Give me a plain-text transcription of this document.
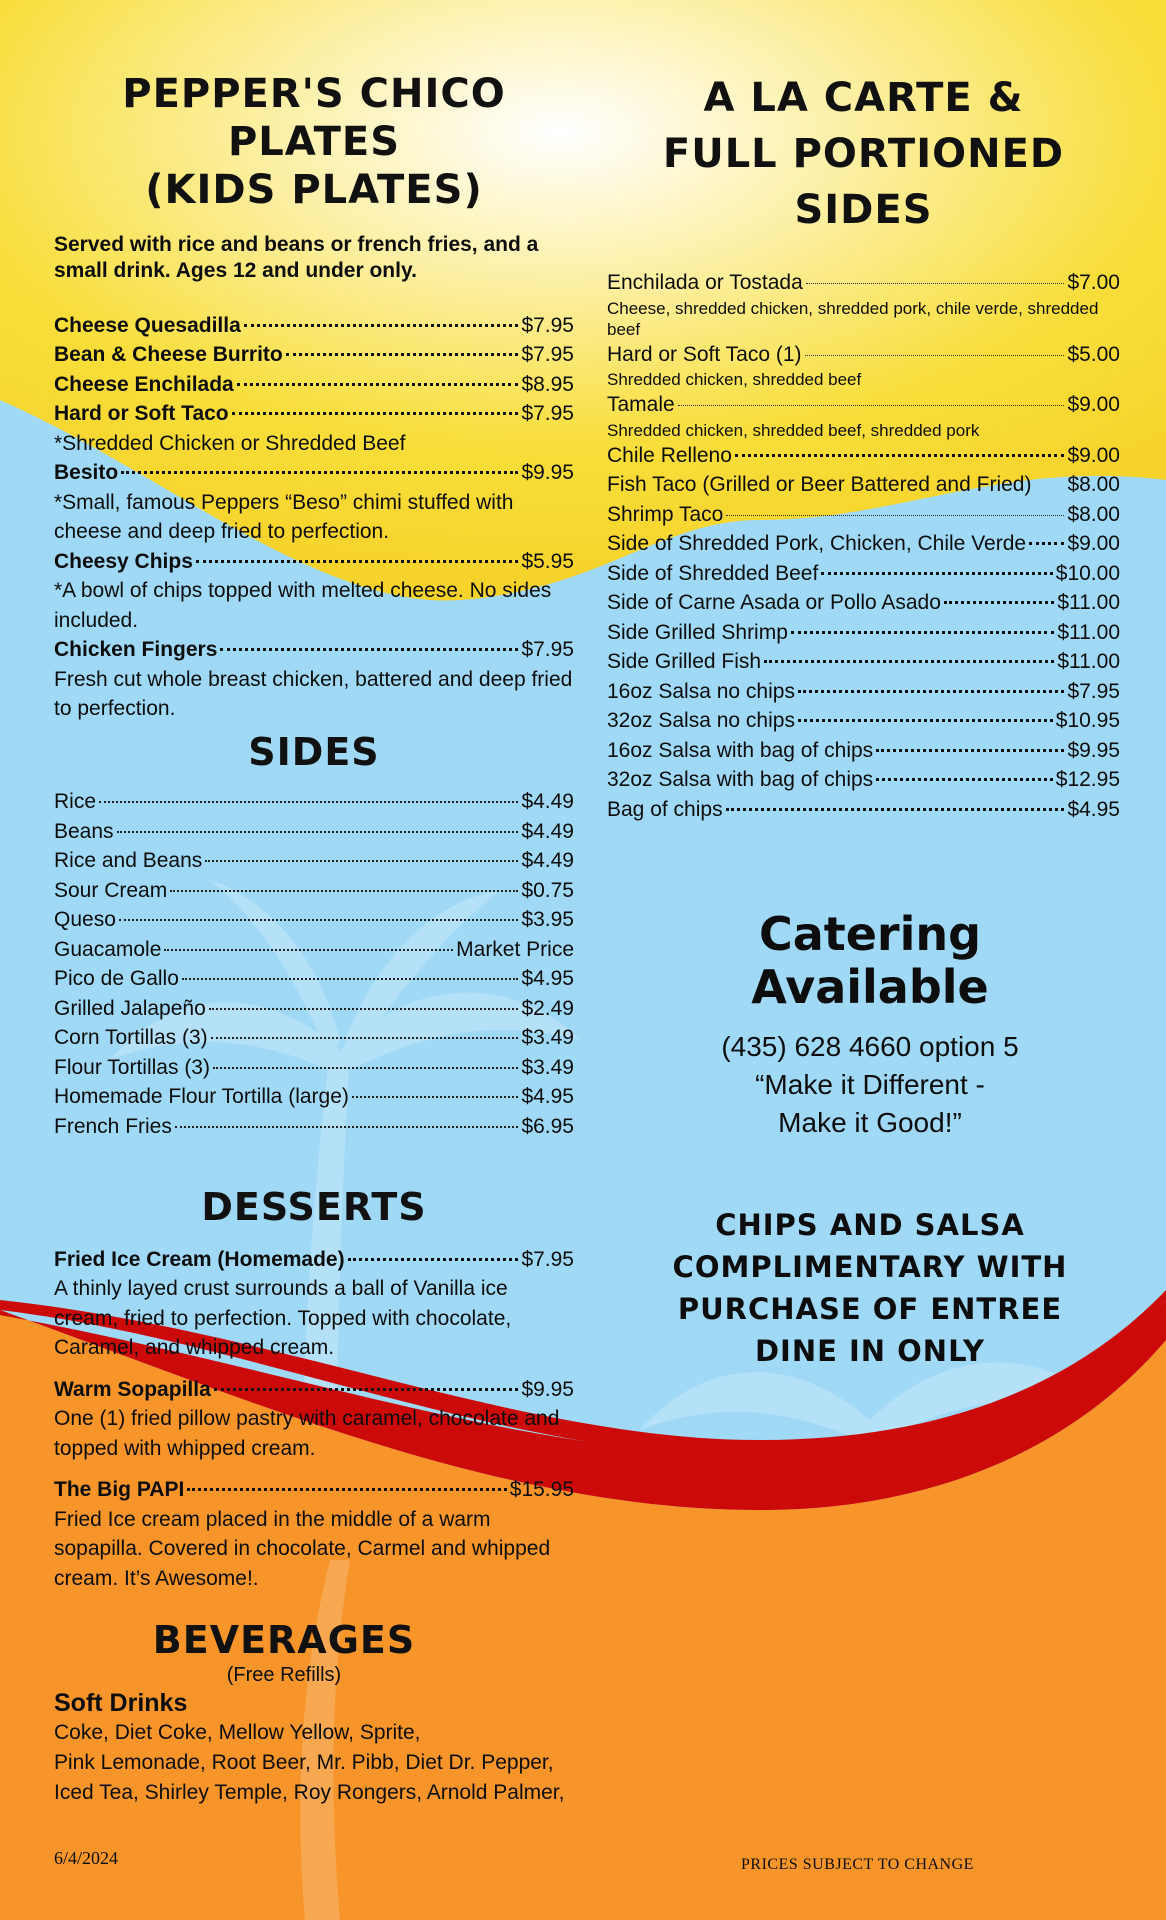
PEPPER'S CHICO PLATES
(KIDS PLATES)
Served with rice and beans or french fries, and a small drink. Ages 12 and under only.
Cheese Quesadilla	$7.95
Bean & Cheese Burrito	$7.95
Cheese Enchilada	$8.95
Hard or Soft Taco	$7.95
*Shredded Chicken or Shredded Beef
Besito	$9.95
*Small, famous Peppers “Beso” chimi stuffed with cheese and deep fried to perfection.
Cheesy Chips	$5.95
*A bowl of chips topped with melted cheese. No sides included.
Chicken Fingers	$7.95
Fresh cut whole breast chicken, battered and deep fried to perfection.
SIDES
Rice	$4.49
Beans	$4.49
Rice and Beans	$4.49
Sour Cream	$0.75
Queso	$3.95
Guacamole	Market Price
Pico de Gallo	$4.95
Grilled Jalapeño	$2.49
Corn Tortillas (3)	$3.49
Flour Tortillas (3)	$3.49
Homemade Flour Tortilla (large)	$4.95
French Fries	$6.95
DESSERTS
Fried Ice Cream (Homemade)	$7.95
A thinly layed crust surrounds a ball of Vanilla ice cream, fried to perfection. Topped with chocolate, Caramel, and whipped cream.
Warm Sopapilla	$9.95
One (1) fried pillow pastry with caramel, chocolate and topped with whipped cream.
The Big PAPI	$15.95
Fried Ice cream placed in the middle of a warm sopapilla. Covered in chocolate, Carmel and whipped cream. It’s Awesome!.
A LA CARTE &
FULL PORTIONED SIDES
Enchilada or Tostada	$7.00
Cheese, shredded chicken, shredded pork, chile verde, shredded beef
Hard or Soft Taco (1)	$5.00
Shredded chicken, shredded beef
Tamale	$9.00
Shredded chicken, shredded beef, shredded pork
Chile Relleno	$9.00
Fish Taco (Grilled or Beer Battered and Fried) $8.00
Shrimp Taco	$8.00
Side of Shredded Pork, Chicken, Chile Verde $9.00
Side of Shredded Beef	$10.00
Side of Carne Asada or Pollo Asado	$11.00
Side Grilled Shrimp	$11.00
Side Grilled Fish	$11.00
16oz Salsa no chips	$7.95
32oz Salsa no chips	$10.95
16oz Salsa with bag of chips	$9.95
32oz Salsa with bag of chips	$12.95
Bag of chips	$4.95
Catering
Available
(435) 628 4660 option 5
“Make it Different -
Make it Good!”
CHIPS AND SALSA
COMPLIMENTARY WITH
PURCHASE OF ENTREE
DINE IN ONLY
BEVERAGES
(Free Refills)
Soft Drinks
Coke, Diet Coke, Mellow Yellow, Sprite,
Pink Lemonade, Root Beer, Mr. Pibb, Diet Dr. Pepper,
Iced Tea, Shirley Temple, Roy Rongers, Arnold Palmer,
6/4/2024	PRICES SUBJECT TO CHANGE
